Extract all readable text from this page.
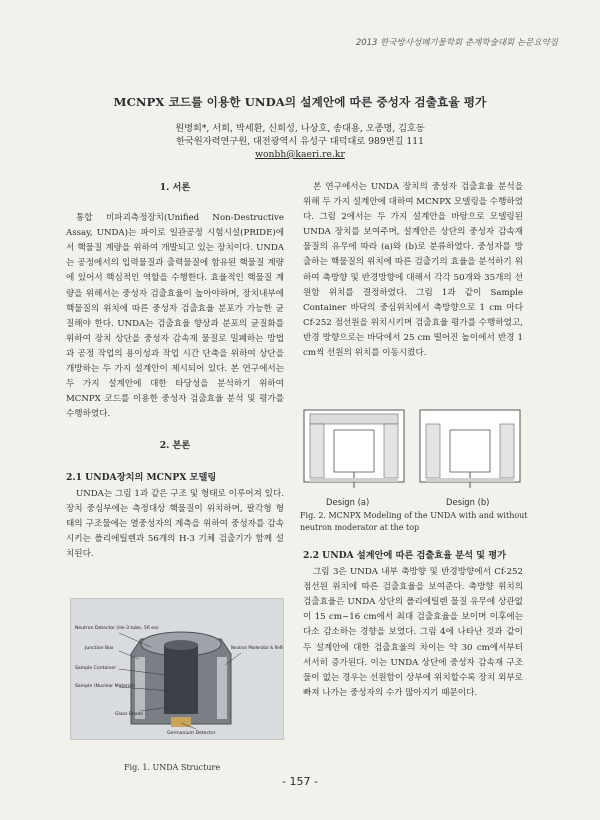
2013 한국방사성폐기물학회 춘계학술대회 논문요약집
MCNPX 코드를 이용한 UNDA의 설계안에 따른 중성자 검출효율 평가
원병희*, 서희, 박세환, 신희성, 나상호, 송대용, 오종명, 김호동
한국원자력연구원, 대전광역시 유성구 대덕대로 989번길 111
wonbh@kaeri.re.kr
1. 서론

통합 비파괴측정장치(Unified Non-Destructive Assay, UNDA)는 파이로 일관공정 시험시설(PRIDE)에서 핵물질 계량을 위하여 개발되고 있는 장치이다. UNDA는 공정에서의 입력물질과 출력물질에 함유된 핵물질 계량에 있어서 핵심적인 역할을 수행한다. 효율적인 핵물질 계량을 위해서는 중성자 검출효율이 높아야하며, 장치내부에 핵물질의 위치에 따른 중성자 검출효율 분포가 가능한 균질해야 한다. UNDA는 검출효율 향상과 분포의 균질화를 위하여 장치 상단을 중성자 감속재 물질로 밀폐하는 방법과 공정 작업의 용이성과 작업 시간 단축을 위하여 상단을 개방하는 두 가지 설계안이 제시되어 있다. 본 연구에서는 두 가지 설계안에 대한 타당성을 분석하기 위하여 MCNPX 코드를 이용한 중성자 검출효율 분석 및 평가를 수행하였다.

2. 본론
2.1 UNDA장치의 MCNPX 모델링

UNDA는 그림 1과 같은 구조 및 형태로 이루어져 있다. 장치 중심부에는 측정대상 핵물질이 위치하며, 팔각형 형태의 구조물에는 열중성자의 계측을 위하여 중성자를 감속시키는 폴리에틸렌과 56개의 H-3 기체 검출기가 함께 설치된다.

Neutron Detector (He-3 tube, 56 ea)
Junction Box
Sample Container
Sample (Nuclear Material)
Glass Beads
Germanium Detector
Neutron Moderator & Refl
Fig. 1. UNDA Structure

본 연구에서는 UNDA 장치의 중성자 검출효율 분석을 위해 두 가지 설계안에 대하여 MCNPX 모델링을 수행하였다. 그림 2에서는 두 가지 설계안을 바탕으로 모델링된 UNDA 장치를 보여주며, 설계안은 상단의 중성자 감속재 물질의 유무에 따라 (a)와 (b)로 분류하였다. 중성자를 방출하는 핵물질의 위치에 따른 검출기의 효율을 분석하기 위하여 축방향 및 반경방향에 대해서 각각 50개와 35개의 선원함 위치를 결정하였다. 그림 1과 같이 Sample Container 바닥의 중심위치에서 축방향으로 1 cm 마다 Cf-252 점선원을 위치시키며 검출효율 평가를 수행하였고, 반경 방향으로는 바닥에서 25 cm 떨어진 높이에서 반경 1 cm씩 선원의 위치를 이동시켰다.

Design (a)	Design (b)
Fig. 2. MCNPX Modeling of the UNDA with and without neutron moderator at the top
2.2 UNDA 설계안에 따른 검출효율 분석 및 평가

그림 3은 UNDA 내부 축방향 및 반경방향에서 Cf-252 점선원 위치에 따른 검출효율을 보여준다. 축방향 위치의 검출효율은 UNDA 상단의 폴리에틸렌 물질 유무에 상관없이 15 cm~16 cm에서 최대 검출효율을 보이며 이후에는 다소 감소하는 경향을 보였다. 그림 4에 나타난 것과 같이 두 설계안에 대한 검출효율의 차이는 약 30 cm에서부터 서서히 증가된다. 이는 UNDA 상단에 중성자 감속재 구조물이 없는 경우는 선원함이 상부에 위치할수록 장치 외부로 빠져 나가는 중성자의 수가 많아지기 때문이다.

- 157 -
